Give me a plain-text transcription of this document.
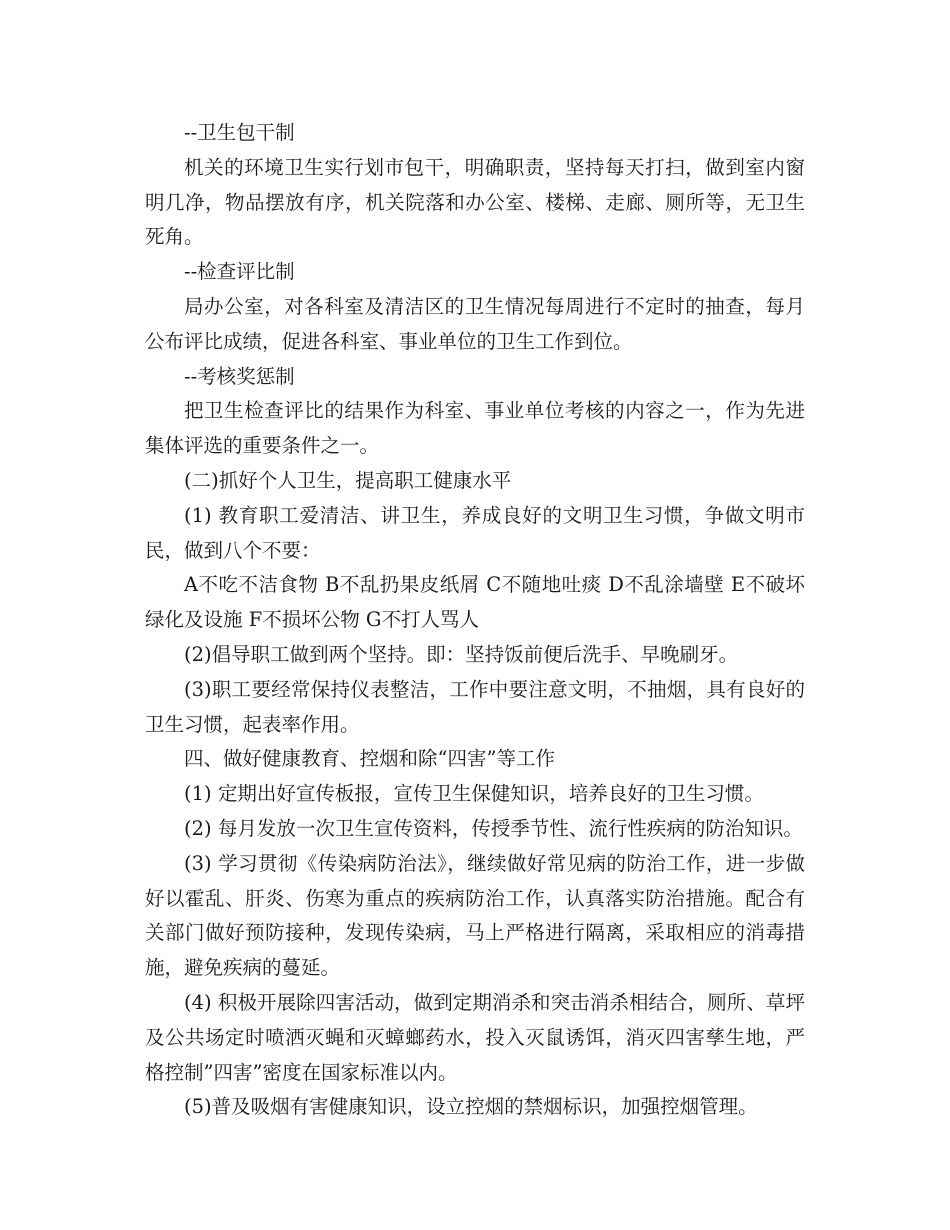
--卫生包干制

机关的环境卫生实行划市包干，明确职责，坚持每天打扫，做到室内窗明几净，物品摆放有序，机关院落和办公室、楼梯、走廊、厕所等，无卫生死角。

--检查评比制

局办公室，对各科室及清洁区的卫生情况每周进行不定时的抽查，每月公布评比成绩，促进各科室、事业单位的卫生工作到位。

--考核奖惩制

把卫生检查评比的结果作为科室、事业单位考核的内容之一，作为先进集体评选的重要条件之一。

(二)抓好个人卫生，提高职工健康水平

(1) 教育职工爱清洁、讲卫生，养成良好的文明卫生习惯，争做文明市民，做到八个不要：

A不吃不洁食物 B不乱扔果皮纸屑 C不随地吐痰 D不乱涂墙壁 E不破坏绿化及设施 F不损坏公物 G不打人骂人

(2)倡导职工做到两个坚持。即：坚持饭前便后洗手、早晚刷牙。

(3)职工要经常保持仪表整洁，工作中要注意文明，不抽烟，具有良好的卫生习惯，起表率作用。

四、做好健康教育、控烟和除“四害”等工作

(1) 定期出好宣传板报，宣传卫生保健知识，培养良好的卫生习惯。

(2) 每月发放一次卫生宣传资料，传授季节性、流行性疾病的防治知识。

(3) 学习贯彻《传染病防治法》，继续做好常见病的防治工作，进一步做好以霍乱、肝炎、伤寒为重点的疾病防治工作，认真落实防治措施。配合有关部门做好预防接种，发现传染病，马上严格进行隔离，采取相应的消毒措施，避免疾病的蔓延。

(4) 积极开展除四害活动，做到定期消杀和突击消杀相结合，厕所、草坪及公共场定时喷洒灭蝇和灭蟑螂药水，投入灭鼠诱饵，消灭四害孳生地，严格控制”四害”密度在国家标准以内。

(5)普及吸烟有害健康知识，设立控烟的禁烟标识，加强控烟管理。
